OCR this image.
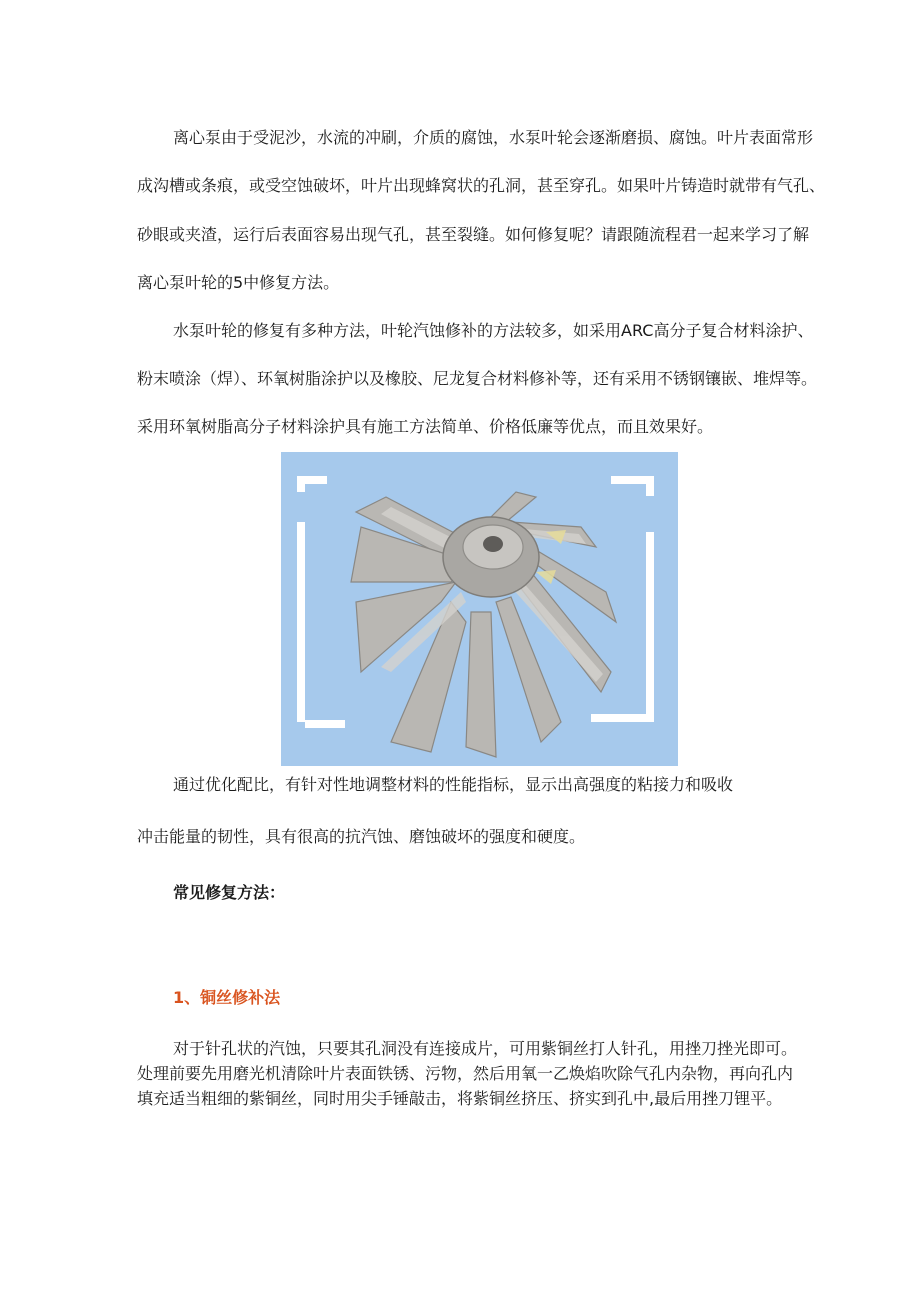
离心泵由于受泥沙，水流的冲刷，介质的腐蚀，水泵叶轮会逐渐磨损、腐蚀。叶片表面常形
成沟槽或条痕，或受空蚀破坏，叶片出现蜂窝状的孔洞，甚至穿孔。如果叶片铸造时就带有气孔、
砂眼或夹渣，运行后表面容易出现气孔，甚至裂缝。如何修复呢？请跟随流程君一起来学习了解
离心泵叶轮的5中修复方法。
水泵叶轮的修复有多种方法，叶轮汽蚀修补的方法较多，如采用ARC高分子复合材料涂护、
粉末喷涂（焊）、环氧树脂涂护以及橡胶、尼龙复合材料修补等，还有采用不锈钢镶嵌、堆焊等。
采用环氧树脂高分子材料涂护具有施工方法简单、价格低廉等优点，而且效果好。
通过优化配比，有针对性地调整材料的性能指标，显示出高强度的粘接力和吸收
冲击能量的韧性，具有很高的抗汽蚀、磨蚀破坏的强度和硬度。
常见修复方法：
1、铜丝修补法
对于针孔状的汽蚀，只要其孔洞没有连接成片，可用紫铜丝打人针孔，用挫刀挫光即可。
处理前要先用磨光机清除叶片表面铁锈、污物，然后用氧一乙焕焰吹除气孔内杂物，再向孔内
填充适当粗细的紫铜丝，同时用尖手锤敲击，将紫铜丝挤压、挤实到孔中,最后用挫刀锂平。
